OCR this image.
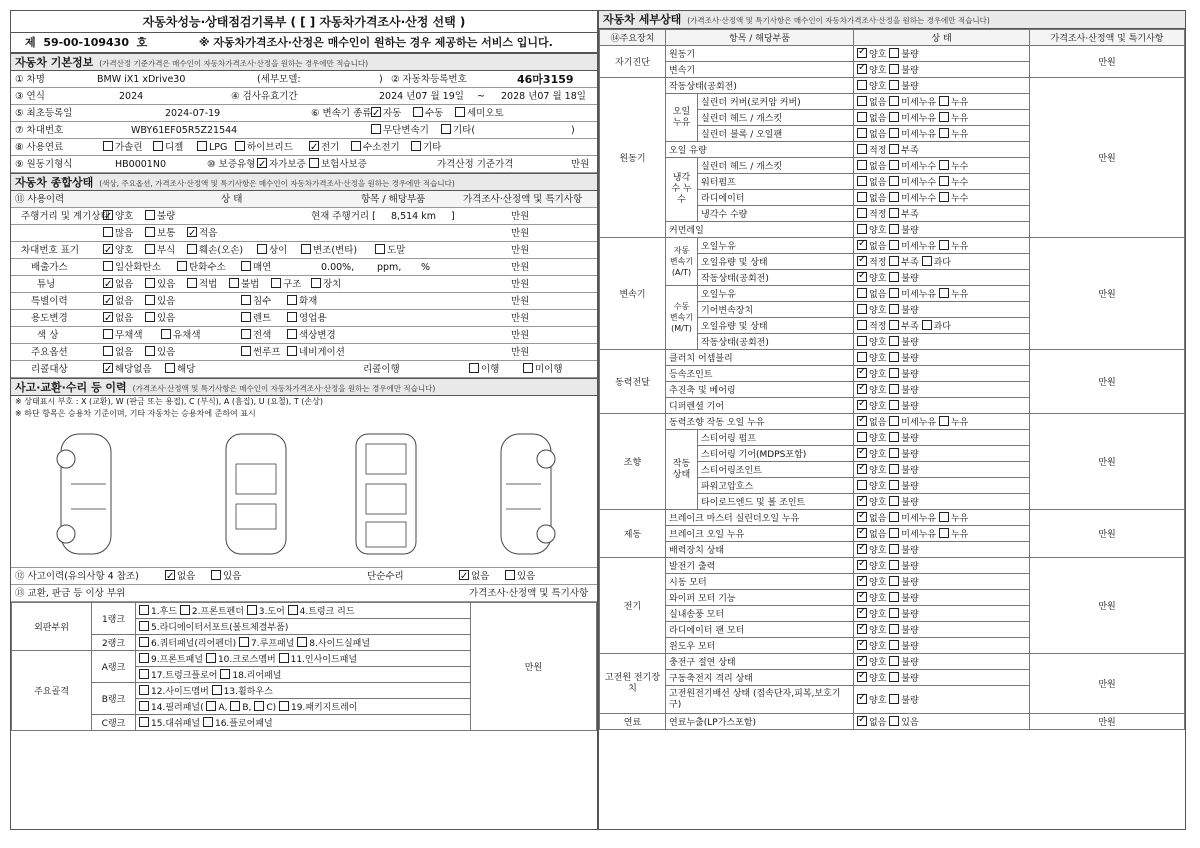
자동차성능·상태점검기록부 ( [ ] 자동차가격조사·산정 선택 )
제 59-00-109430 호	※ 자동차가격조사·산정은 매수인이 원하는 경우 제공하는 서비스 입니다.
자동차 기본정보 (가격산정 기준가격은 매수인이 자동차가격조사·산정을 원하는 경우에만 적습니다)
① 차명	BMW iX1 xDrive30	(세부모델:	) ② 자동차등록번호	46마3159
③ 연식	2024	④ 검사유효기간	2024 년07 월 19일 ~ 2028 년07 월 18일
⑤ 최초등록일	2024-07-19	⑥ 변속기 종류 ✓	자동	수동	세미오토
⑦ 차대번호	WBY61EF05R5Z21544	무단변속기	기타(	)
⑧ 사용연료	가솔린	디젤	LPG	하이브리드 ✓	전기	수소전기	기타
⑨ 원동기형식	HB0001N0	⑩ 보증유형 ✓	자가보증	보험사보증	가격산정 기준가격	만원
자동차 종합상태 (색상, 주요옵션, 가격조사·산정액 및 특기사항은 매수인이 자동차가격조사·산정을 원하는 경우에만 적습니다)
⑪ 사용이력	상 태	항목 / 해당부품	가격조사·산정액 및 특기사항
주행거리 및 계기상태 ✓ 양호	불량	현재 주행거리 [ 8,514 km ]	만원
많음	보통 ✓	적음	만원
차대번호 표기 ✓	양호	부식	훼손(오손)	상이	변조(변타)	도말	만원
배출가스	일산화탄소	탄화수소	매연	0.00%, ppm, %	만원
튜닝 ✓	없음	있음	적법	불법	구조	장치	만원
특별이력 ✓	없음	있음	침수	화재	만원
용도변경 ✓	없음	있음	렌트	영업용	만원
색 상	무채색	유채색	전색	색상변경	만원
주요옵션	없음	있음	썬루프	네비게이션	만원
리콜대상 ✓	해당없음	해당	리콜이행	이행	미이행
사고·교환·수리 등 이력 (가격조사·산정액 및 특기사항은 매수인이 자동차가격조사·산정을 원하는 경우에만 적습니다)
※ 상태표시 부호 : X (교환), W (판금 또는 용접), C (부식), A (흠집), U (요철), T (손상)
※ 하단 항목은 승용차 기준이며, 기타 자동차는 승용차에 준하여 표시
⑫ 사고이력(유의사항 4 참조) ✓	없음	있음	단순수리 ✓	없음	있음
⑬ 교환, 판금 등 이상 부위	가격조사·산정액 및 특기사항
외판부위	1랭크	1.후드 2.프론트펜더 3.도어 4.트렁크 리드	만원
		5.라디에이터서포트(볼트체결부품)	
	2랭크	6.쿼터패널(리어펜더) 7.루프패널 8.사이드실패널	
주요골격	A랭크	9.프론트패널 10.크로스멤버 11.인사이드패널	
		17.트렁크플로어 18.리어패널	
	B랭크	12.사이드멤버 13.휠하우스	
		14.필러패널( A, B, C) 19.패키지트레이	
	C랭크	15.대쉬패널 16.플로어패널	
자동차 세부상태 (가격조사·산정액 및 특기사항은 매수인이 자동차가격조사·산정을 원하는 경우에만 적습니다)
⑭주요장치	항목 / 해당부품		상 태	가격조사·산정액 및 특기사항
자기진단	원동기	✓양호 불량	만원
	변속기	✓양호 불량
원동기	작동상태(공회전)		양호 불량	만원
	오일 누유	실린더 커버(로커암 커버)	없음 미세누유 누유	
		실린더 헤드 / 개스킷	없음 미세누유 누유	
		실린더 블록 / 오일팬	없음 미세누유 누유	
	오일 유량		적정 부족	
	냉각수 누수	실린더 헤드 / 개스킷	없음 미세누수 누수	
		워터펌프	없음 미세누수 누수	
		라디에이터	없음 미세누수 누수	
		냉각수 수량	적정 부족	
	커먼레일		양호 불량	
변속기	자동 변속기 (A/T)	오일누유	✓없음 미세누유 누유	만원
		오일유량 및 상태	✓적정 부족 과다
		작동상태(공회전)	✓양호 불량
	수동 변속기 (M/T)	오일누유	없음 미세누유 누유	
		기어변속장치	양호 불량	
		오일유량 및 상태	적정 부족 과다	
		작동상태(공회전)	양호 불량	
동력전달	클러치 어셈블리		양호 불량	만원
	등속조인트	✓양호 불량
	추진축 및 베어링	✓양호 불량
	디퍼렌셜 기어	✓양호 불량
조향	동력조향 작동 오일 누유	✓없음 미세누유 누유	만원
	작동 상태	스티어링 펌프	양호 불량	
		스티어링 기어(MDPS포함)	✓양호 불량
		스티어링조인트	✓양호 불량
		파워고압호스	양호 불량	
		타이로드엔드 및 볼 조인트	✓양호 불량
제동	브레이크 마스터 실린더오일 누유	✓없음 미세누유 누유	만원
	브레이크 오일 누유	✓없음 미세누유 누유
	배력장치 상태	✓양호 불량
전기	발전기 출력	✓양호 불량	만원
	시동 모터	✓양호 불량
	와이퍼 모터 기능	✓양호 불량
	실내송풍 모터	✓양호 불량
	라디에이터 팬 모터	✓양호 불량
	윈도우 모터	✓양호 불량
고전원 전기장치	충전구 절연 상태	✓양호 불량	만원
	구동축전지 격리 상태	✓양호 불량
	고전원전기배선 상태 (접속단자,피복,보호기구)	✓양호 불량
연료	연료누출(LP가스포함)	✓없음 있음	만원
